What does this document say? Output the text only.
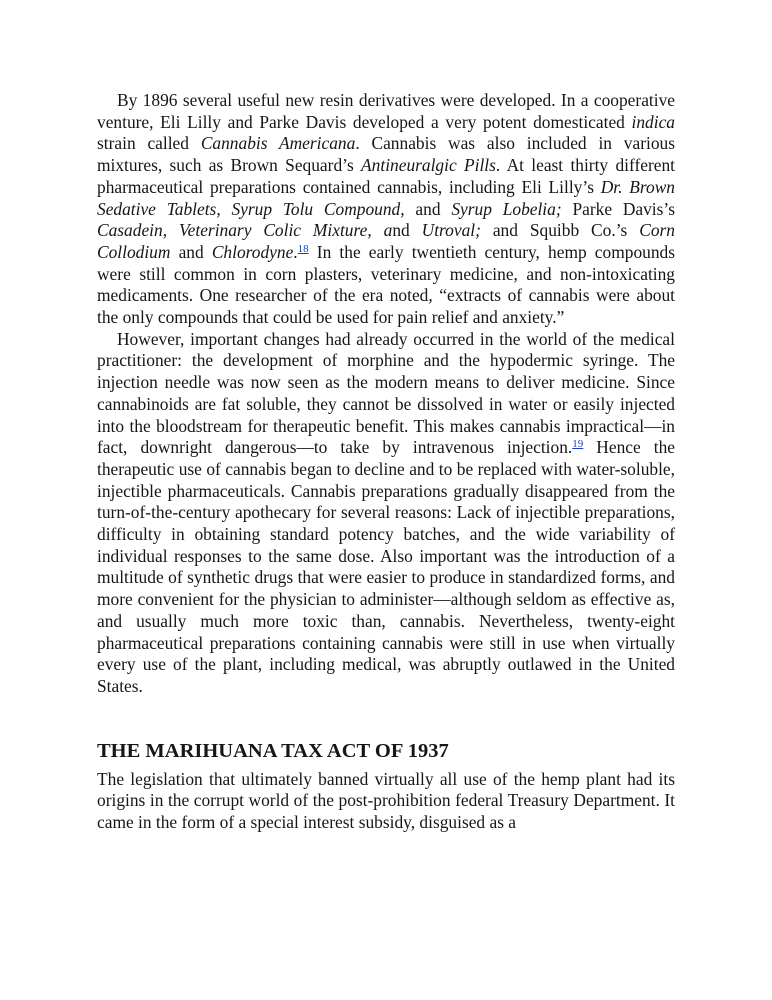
By 1896 several useful new resin derivatives were developed. In a cooperative venture, Eli Lilly and Parke Davis developed a very potent domesticated indica strain called Cannabis Americana. Cannabis was also included in various mixtures, such as Brown Sequard’s Antineuralgic Pills. At least thirty different pharmaceutical preparations contained cannabis, including Eli Lilly’s Dr. Brown Sedative Tablets, Syrup Tolu Compound, and Syrup Lobelia; Parke Davis’s Casadein, Veterinary Colic Mixture, and Utroval; and Squibb Co.’s Corn Collodium and Chlorodyne.$^{18}$ In the early twentieth century, hemp compounds were still common in corn plasters, veterinary medicine, and non-intoxicating medicaments. One researcher of the era noted, “extracts of cannabis were about the only compounds that could be used for pain relief and anxiety.”

However, important changes had already occurred in the world of the medical practitioner: the development of morphine and the hypodermic syringe. The injection needle was now seen as the modern means to deliver medicine. Since cannabinoids are fat soluble, they cannot be dissolved in water or easily injected into the bloodstream for therapeutic benefit. This makes cannabis impractical—in fact, downright dangerous—to take by intravenous injection.$^{19}$ Hence the therapeutic use of cannabis began to decline and to be replaced with water-soluble, injectible pharmaceuticals. Cannabis preparations gradually disappeared from the turn-of-the-century apothecary for several reasons: Lack of injectible preparations, difficulty in obtaining standard potency batches, and the wide variability of individual responses to the same dose. Also important was the introduction of a multitude of synthetic drugs that were easier to produce in standardized forms, and more convenient for the physician to administer—although seldom as effective as, and usually much more toxic than, cannabis. Nevertheless, twenty-eight pharmaceutical preparations containing cannabis were still in use when virtually every use of the plant, including medical, was abruptly outlawed in the United States.

THE MARIHUANA TAX ACT OF 1937

The legislation that ultimately banned virtually all use of the hemp plant had its origins in the corrupt world of the post-prohibition federal Treasury Department. It came in the form of a special interest subsidy, disguised as a
